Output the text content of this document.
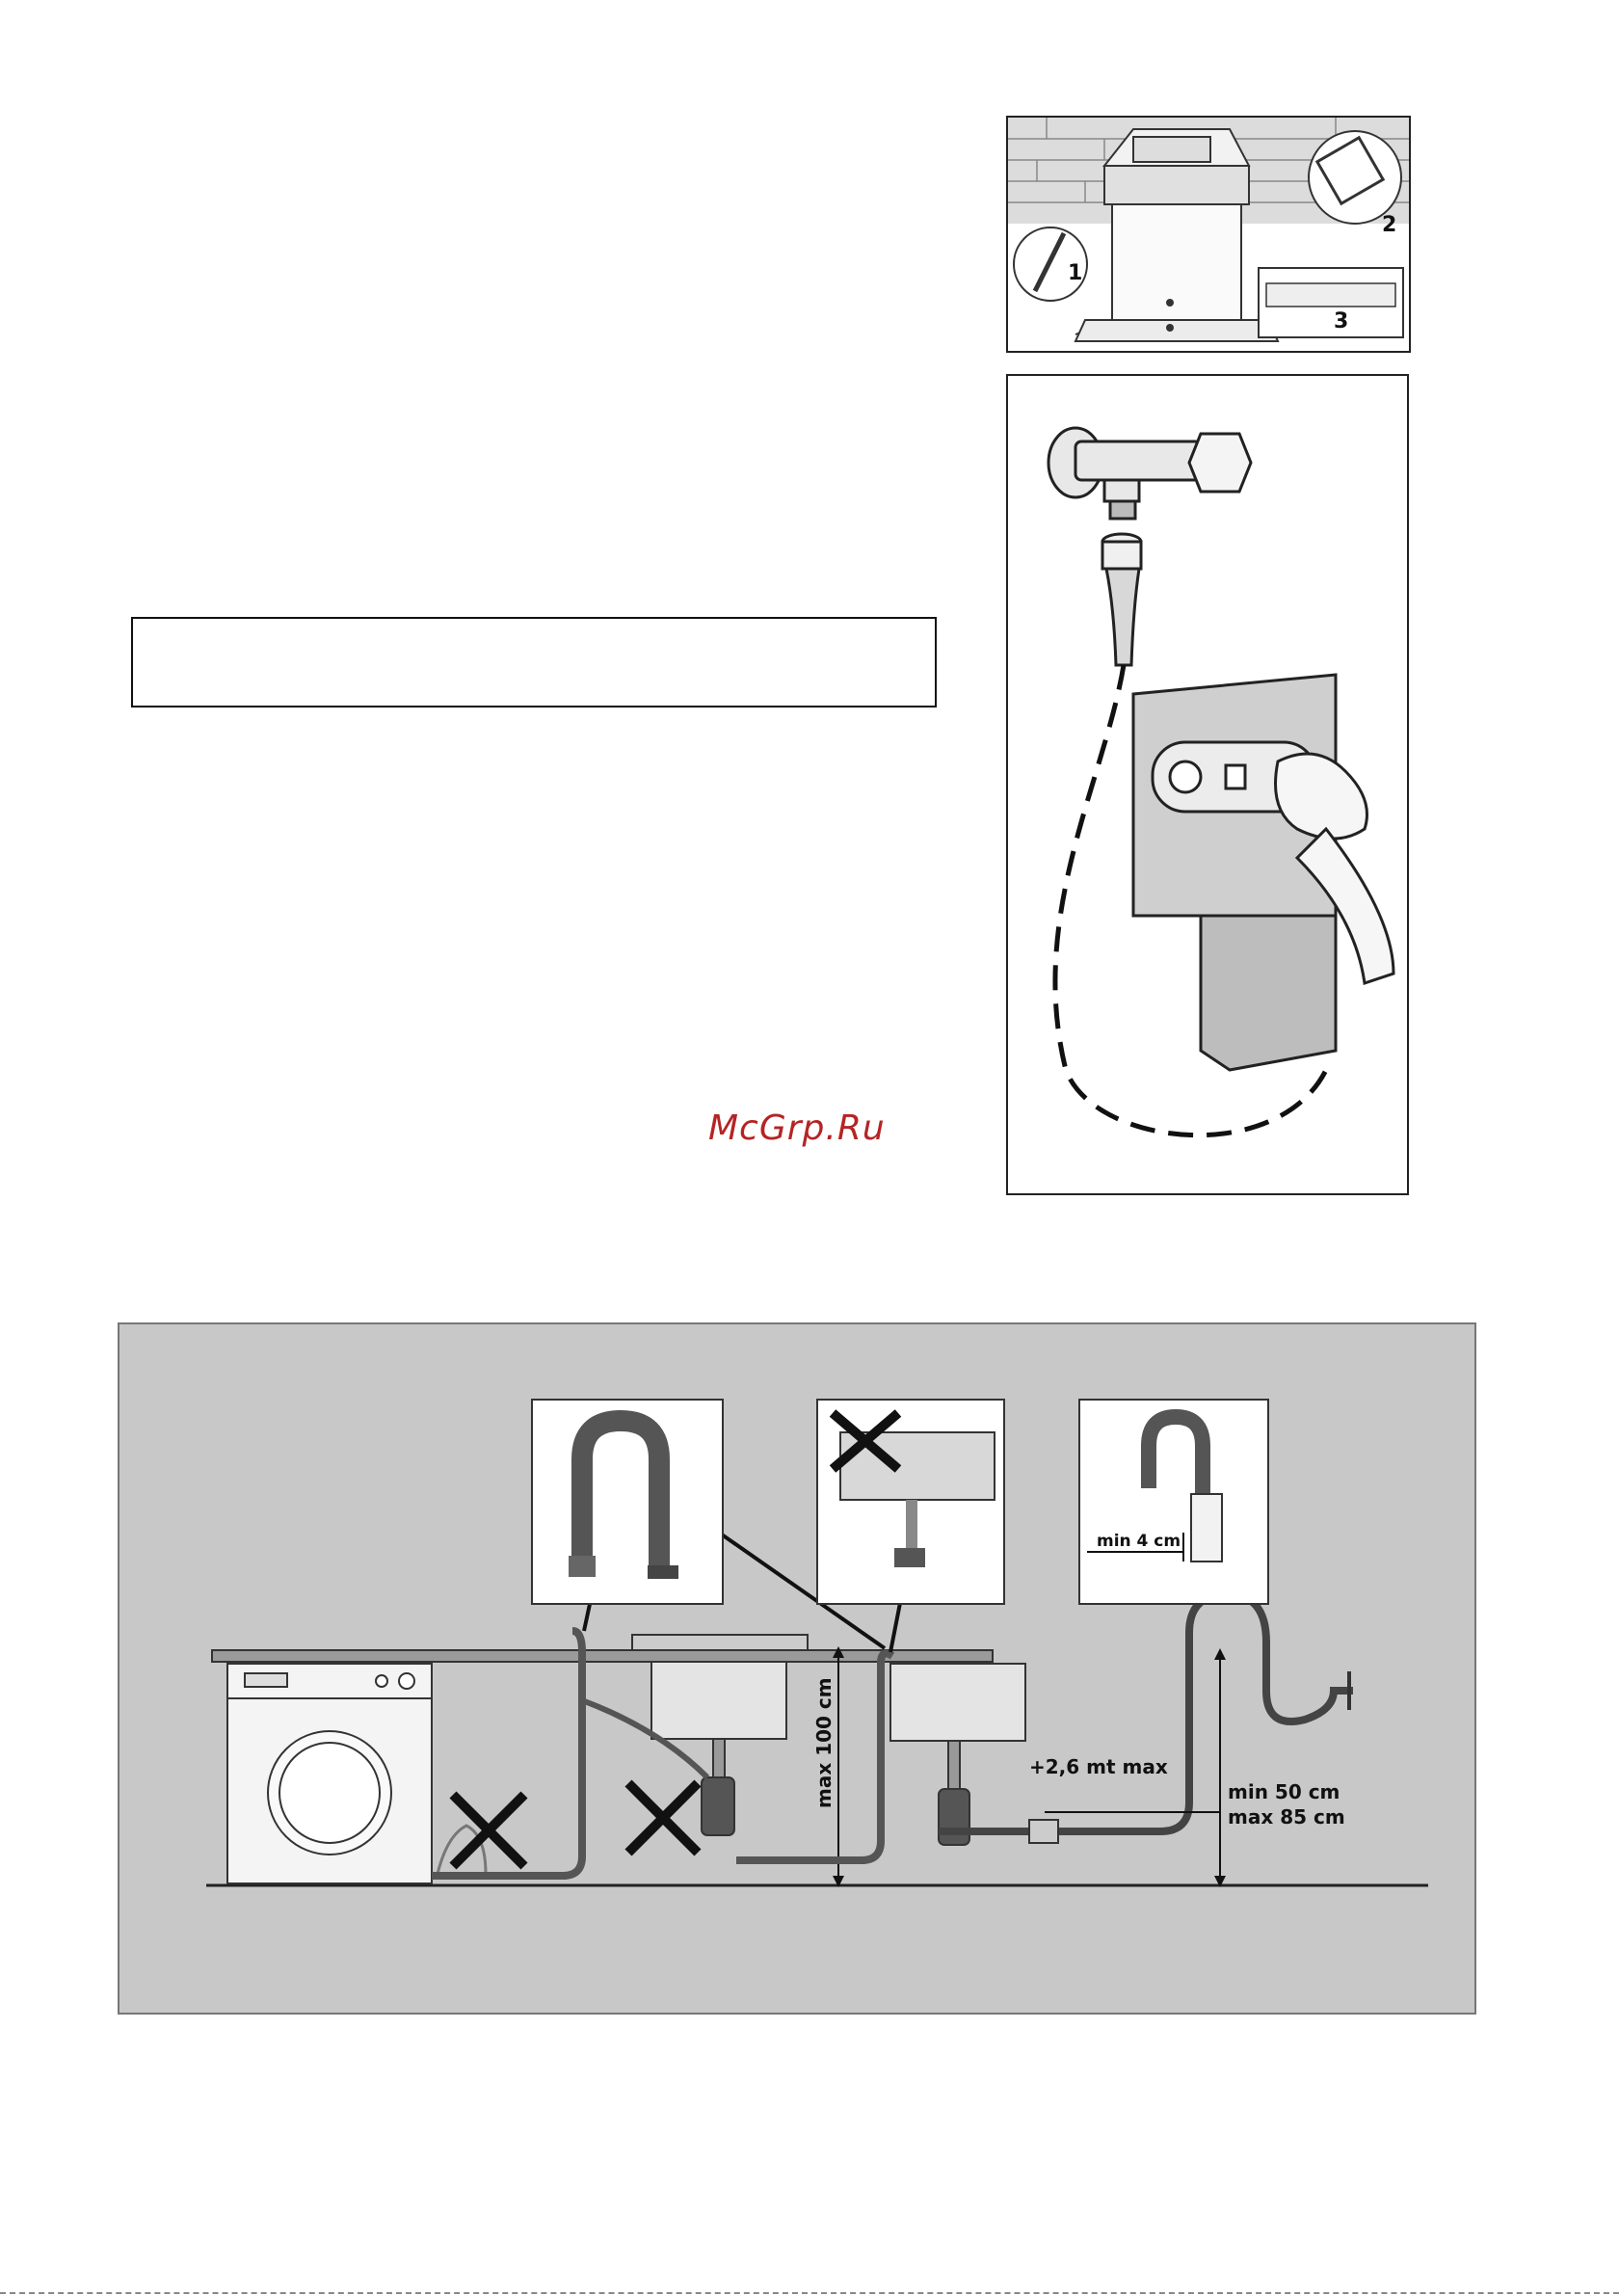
1
2
3
McGrp.Ru
max 100 cm	+2,6 mt max
min 50 cm
max 85 cm
min 4 cm
